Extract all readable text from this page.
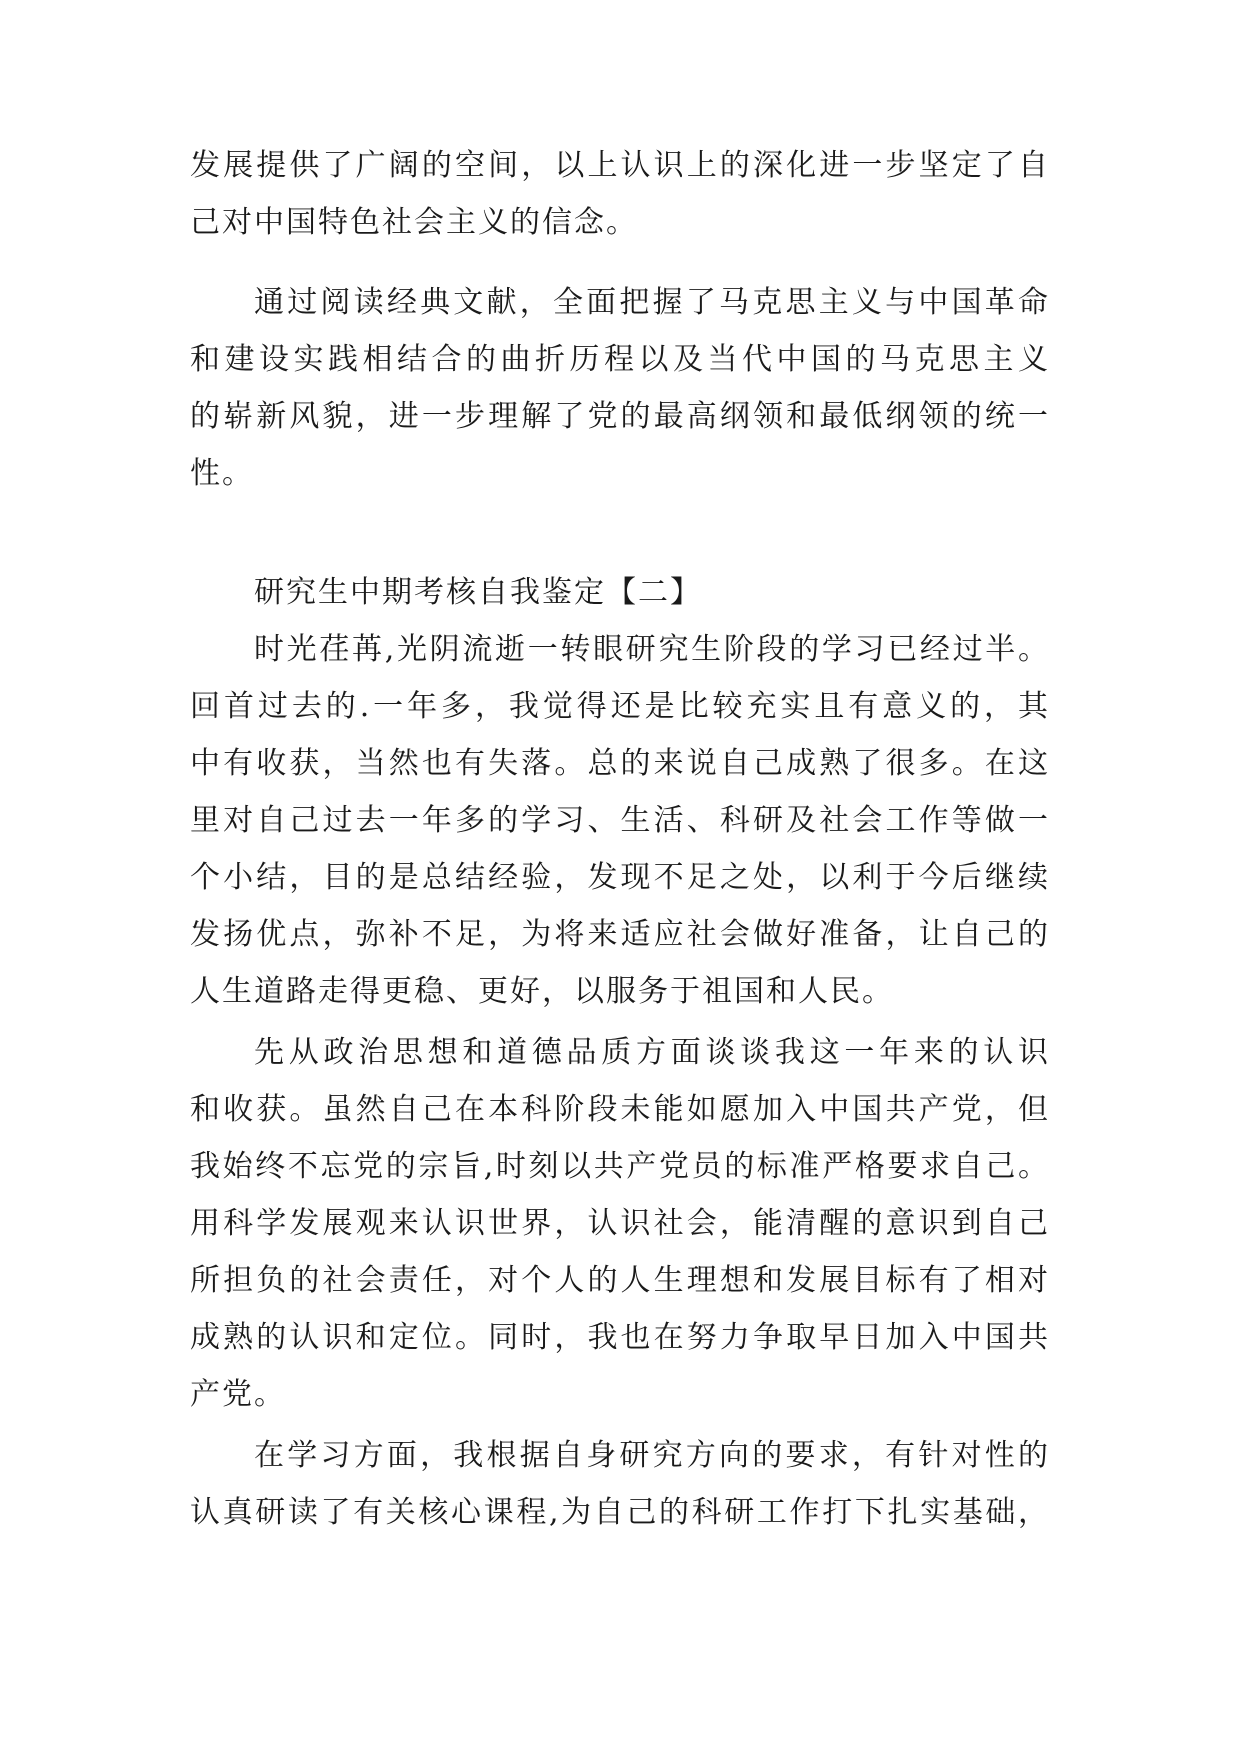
发展提供了广阔的空间，以上认识上的深化进一步坚定了自
己对中国特色社会主义的信念。
通过阅读经典文献，全面把握了马克思主义与中国革命
和建设实践相结合的曲折历程以及当代中国的马克思主义
的崭新风貌，进一步理解了党的最高纲领和最低纲领的统一
性。
研究生中期考核自我鉴定【二】
时光荏苒,光阴流逝一转眼研究生阶段的学习已经过半。
回首过去的.一年多，我觉得还是比较充实且有意义的，其
中有收获，当然也有失落。总的来说自己成熟了很多。在这
里对自己过去一年多的学习、生活、科研及社会工作等做一
个小结，目的是总结经验，发现不足之处，以利于今后继续
发扬优点，弥补不足，为将来适应社会做好准备，让自己的
人生道路走得更稳、更好，以服务于祖国和人民。
先从政治思想和道德品质方面谈谈我这一年来的认识
和收获。虽然自己在本科阶段未能如愿加入中国共产党，但
我始终不忘党的宗旨,时刻以共产党员的标准严格要求自己。
用科学发展观来认识世界，认识社会，能清醒的意识到自己
所担负的社会责任，对个人的人生理想和发展目标有了相对
成熟的认识和定位。同时，我也在努力争取早日加入中国共
产党。
在学习方面，我根据自身研究方向的要求，有针对性的
认真研读了有关核心课程,为自己的科研工作打下扎实基础，
